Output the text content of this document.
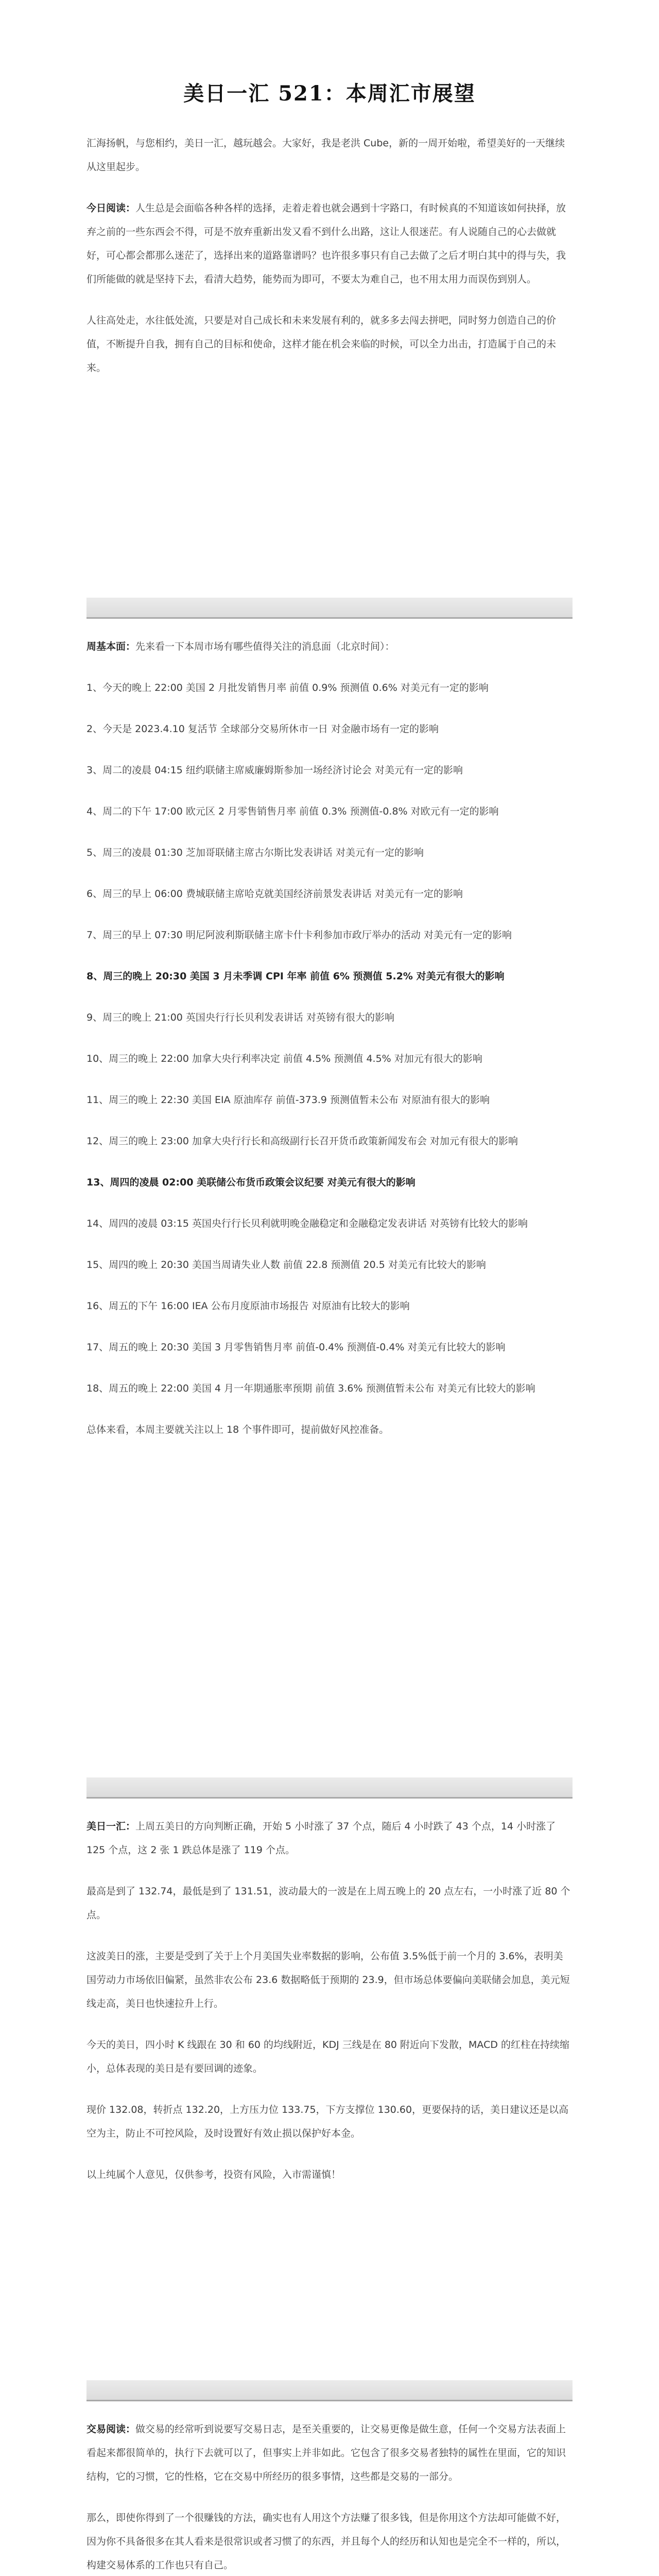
美日一汇 521：本周汇市展望

汇海扬帆，与您相约，美日一汇，越玩越会。大家好，我是老洪 Cube，新的一周开始啦，希望美好的一天继续从这里起步。

今日阅读：人生总是会面临各种各样的选择，走着走着也就会遇到十字路口，有时候真的不知道该如何抉择，放弃之前的一些东西会不得，可是不放弃重新出发又看不到什么出路，这让人很迷茫。有人说随自己的心去做就好，可心都会都那么迷茫了，选择出来的道路靠谱吗？也许很多事只有自己去做了之后才明白其中的得与失，我们所能做的就是坚持下去，看清大趋势，能势而为即可，不要太为难自己，也不用太用力而误伤到别人。

人往高处走，水往低处流，只要是对自己成长和未来发展有利的，就多多去闯去拼吧，同时努力创造自己的价值，不断提升自我，拥有自己的目标和使命，这样才能在机会来临的时候，可以全力出击，打造属于自己的未来。

周基本面：先来看一下本周市场有哪些值得关注的消息面（北京时间）：

1、今天的晚上 22:00 美国 2 月批发销售月率 前值 0.9% 预测值 0.6% 对美元有一定的影响

2、今天是 2023.4.10 复活节 全球部分交易所休市一日 对金融市场有一定的影响

3、周二的凌晨 04:15 纽约联储主席威廉姆斯参加一场经济讨论会 对美元有一定的影响

4、周二的下午 17:00 欧元区 2 月零售销售月率 前值 0.3% 预测值-0.8% 对欧元有一定的影响

5、周三的凌晨 01:30 芝加哥联储主席古尔斯比发表讲话 对美元有一定的影响

6、周三的早上 06:00 费城联储主席哈克就美国经济前景发表讲话 对美元有一定的影响

7、周三的早上 07:30 明尼阿波利斯联储主席卡什卡利参加市政厅举办的活动 对美元有一定的影响

8、周三的晚上 20:30 美国 3 月未季调 CPI 年率 前值 6% 预测值 5.2% 对美元有很大的影响

9、周三的晚上 21:00 英国央行行长贝利发表讲话 对英镑有很大的影响

10、周三的晚上 22:00 加拿大央行利率决定 前值 4.5% 预测值 4.5% 对加元有很大的影响

11、周三的晚上 22:30 美国 EIA 原油库存 前值-373.9 预测值暂未公布 对原油有很大的影响

12、周三的晚上 23:00 加拿大央行行长和高级副行长召开货币政策新闻发布会 对加元有很大的影响

13、周四的凌晨 02:00 美联储公布货币政策会议纪要 对美元有很大的影响

14、周四的凌晨 03:15 英国央行行长贝利就明晚金融稳定和金融稳定发表讲话 对英镑有比较大的影响

15、周四的晚上 20:30 美国当周请失业人数 前值 22.8 预测值 20.5 对美元有比较大的影响

16、周五的下午 16:00 IEA 公布月度原油市场报告 对原油有比较大的影响

17、周五的晚上 20:30 美国 3 月零售销售月率 前值-0.4% 预测值-0.4% 对美元有比较大的影响

18、周五的晚上 22:00 美国 4 月一年期通胀率预期 前值 3.6% 预测值暂未公布 对美元有比较大的影响

总体来看，本周主要就关注以上 18 个事件即可，提前做好风控准备。

美日一汇：上周五美日的方向判断正确，开始 5 小时涨了 37 个点，随后 4 小时跌了 43 个点，14 小时涨了 125 个点，这 2 张 1 跌总体是涨了 119 个点。

最高是到了 132.74，最低是到了 131.51，波动最大的一波是在上周五晚上的 20 点左右，一小时涨了近 80 个点。

这波美日的涨，主要是受到了关于上个月美国失业率数据的影响，公布值 3.5%低于前一个月的 3.6%，表明美国劳动力市场依旧偏紧，虽然非农公布 23.6 数据略低于预期的 23.9，但市场总体要偏向美联储会加息，美元短线走高，美日也快速拉升上行。

今天的美日，四小时 K 线跟在 30 和 60 的均线附近，KDJ 三线是在 80 附近向下发散，MACD 的红柱在持续缩小，总体表现的美日是有要回调的迹象。

现价 132.08，转折点 132.20，上方压力位 133.75，下方支撑位 130.60，更要保持的话，美日建议还是以高空为主，防止不可控风险，及时设置好有效止损以保护好本金。

以上纯属个人意见，仅供参考，投资有风险，入市需谨慎！

交易阅读：做交易的经常听到说要写交易日志，是至关重要的，让交易更像是做生意，任何一个交易方法表面上看起来都很简单的，执行下去就可以了，但事实上并非如此。它包含了很多交易者独特的属性在里面，它的知识结构，它的习惯，它的性格，它在交易中所经历的很多事情，这些都是交易的一部分。

那么，即使你得到了一个很赚钱的方法，确实也有人用这个方法赚了很多钱，但是你用这个方法却可能做不好，因为你不具备很多在其人看来是很常识或者习惯了的东西，并且每个人的经历和认知也是完全不一样的，所以，构建交易体系的工作也只有自己。
